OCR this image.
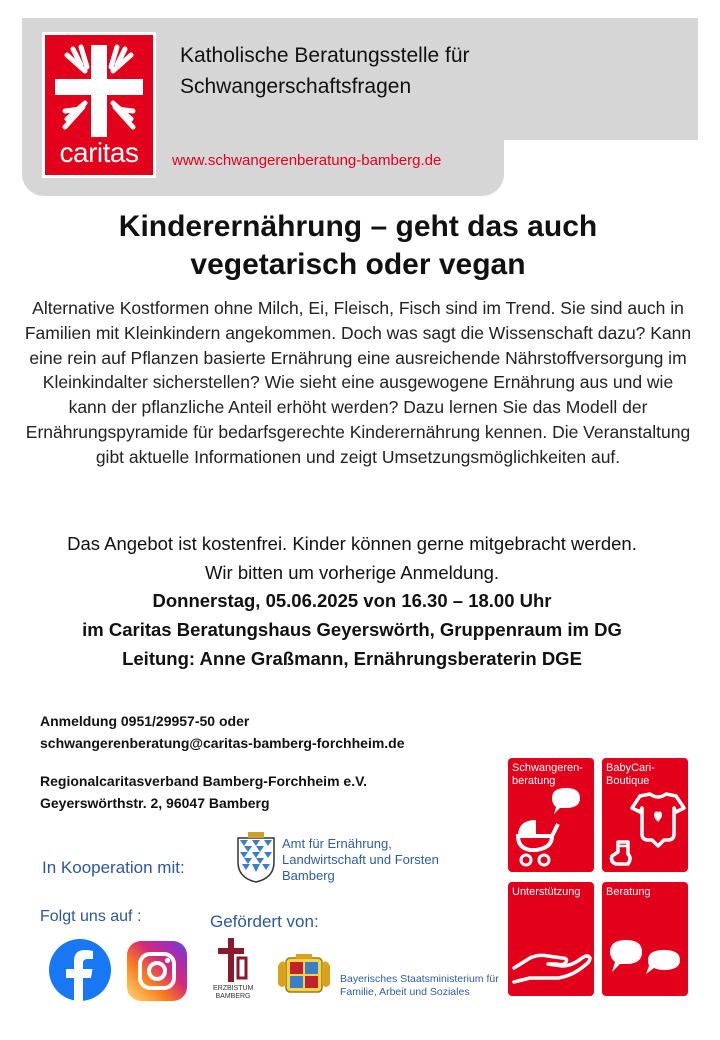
caritas
Katholische Beratungsstelle für
Schwangerschaftsfragen
www.schwangerenberatung-bamberg.de
Kinderernährung – geht das auch
vegetarisch oder vegan
Alternative Kostformen ohne Milch, Ei, Fleisch, Fisch sind im Trend. Sie sind auch in Familien mit Kleinkindern angekommen. Doch was sagt die Wissenschaft dazu? Kann eine rein auf Pflanzen basierte Ernährung eine ausreichende Nährstoffversorgung im Kleinkindalter sicherstellen? Wie sieht eine ausgewogene Ernährung aus und wie kann der pflanzliche Anteil erhöht werden? Dazu lernen Sie das Modell der Ernährungspyramide für bedarfsgerechte Kinderernährung kennen. Die Veranstaltung gibt aktuelle Informationen und zeigt Umsetzungsmöglichkeiten auf.
Das Angebot ist kostenfrei. Kinder können gerne mitgebracht werden.
Wir bitten um vorherige Anmeldung.
Donnerstag, 05.06.2025 von 16.30 – 18.00 Uhr
im Caritas Beratungshaus Geyerswörth, Gruppenraum im DG
Leitung: Anne Graßmann, Ernährungsberaterin DGE
Anmeldung 0951/29957-50 oder
schwangerenberatung@caritas-bamberg-forchheim.de
Regionalcaritasverband Bamberg-Forchheim e.V.
Geyerswörthstr. 2, 96047 Bamberg
In Kooperation mit:
Amt für Ernährung,
Landwirtschaft und Forsten
Bamberg
Folgt uns auf :	Gefördert von:
ERZBISTUM
BAMBERG
Bayerisches Staatsministerium für
Familie, Arbeit und Soziales
Schwangeren-
beratung
BabyCari-
Boutique
Unterstützung Beratung
